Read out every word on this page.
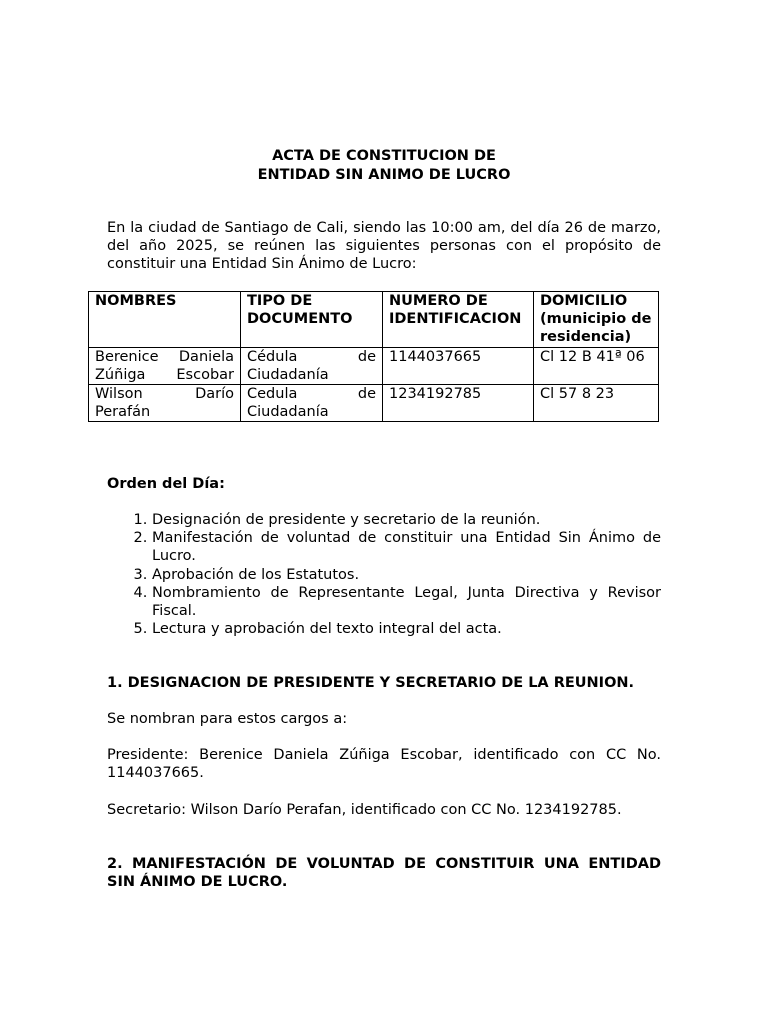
ACTA DE CONSTITUCION DE
ENTIDAD SIN ANIMO DE LUCRO

En la ciudad de Santiago de Cali, siendo las 10:00 am, del día 26 de marzo, del año 2025, se reúnen las siguientes personas con el propósito de constituir una Entidad Sin Ánimo de Lucro:

NOMBRES	TIPO DE DOCUMENTO	NUMERO DE IDENTIFICACION	DOMICILIO (municipio de residencia)
Berenice Daniela Zúñiga Escobar	Cédula de Ciudadanía	1144037665	Cl 12 B 41ª 06
Wilson Darío Perafán	Cedula de Ciudadanía	1234192785	Cl 57 8 23

Orden del Día:

1. Designación de presidente y secretario de la reunión.
2. Manifestación de voluntad de constituir una Entidad Sin Ánimo de Lucro.
3. Aprobación de los Estatutos.
4. Nombramiento de Representante Legal, Junta Directiva y Revisor Fiscal.
5. Lectura y aprobación del texto integral del acta.

1. DESIGNACION DE PRESIDENTE Y SECRETARIO DE LA REUNION.

Se nombran para estos cargos a:

Presidente: Berenice Daniela Zúñiga Escobar, identificado con CC No. 1144037665.

Secretario: Wilson Darío Perafan, identificado con CC No. 1234192785.

2. MANIFESTACIÓN DE VOLUNTAD DE CONSTITUIR UNA ENTIDAD SIN ÁNIMO DE LUCRO.
